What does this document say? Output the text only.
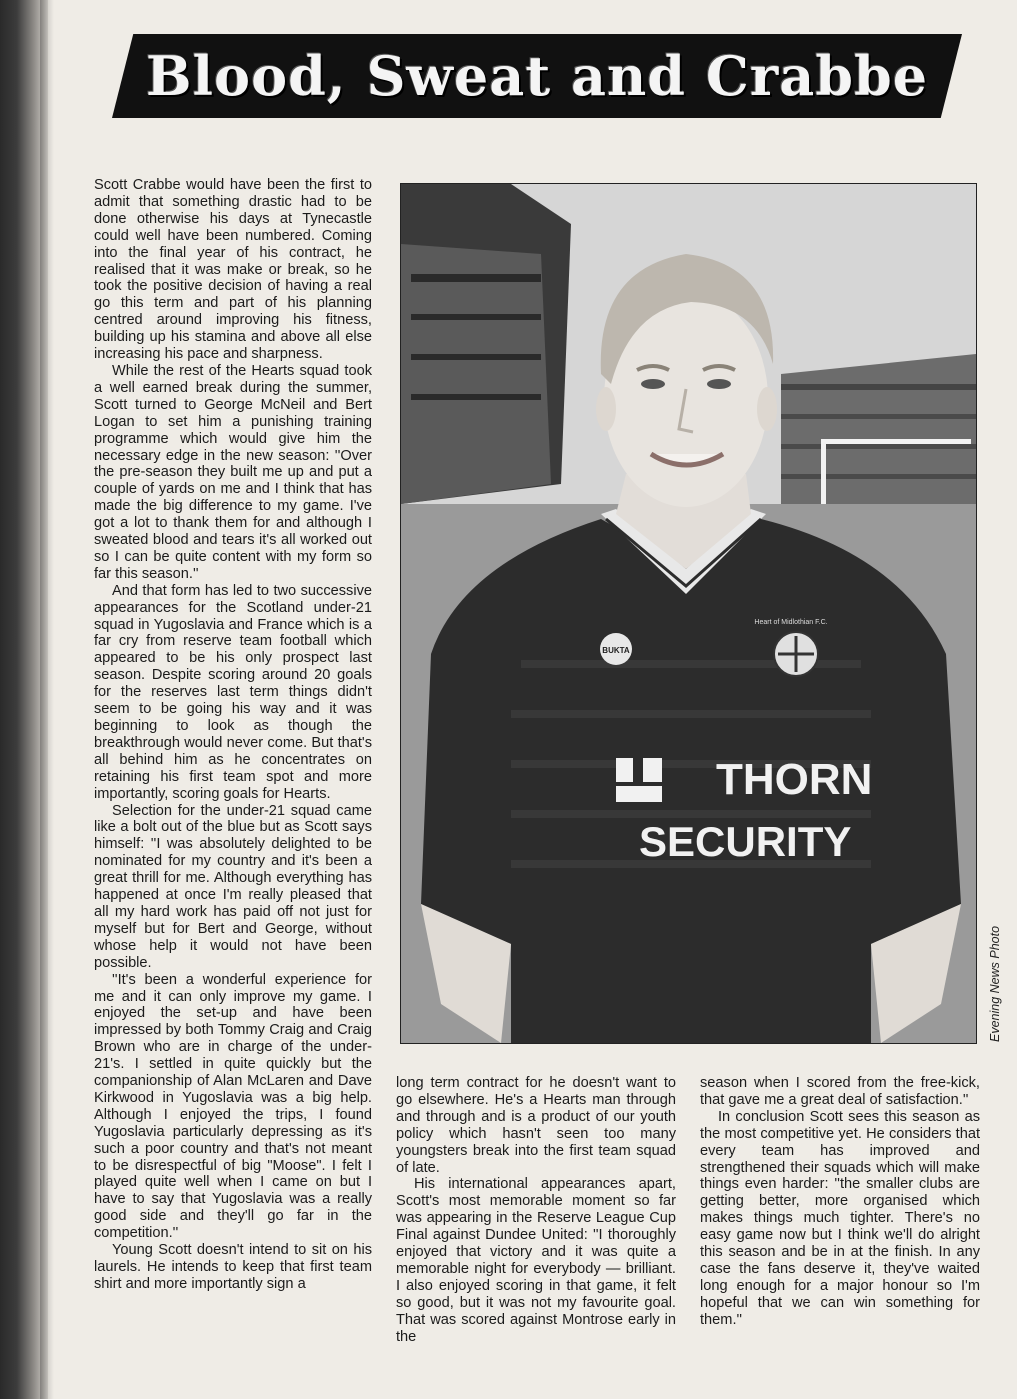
Blood, Sweat and Crabbe

Scott Crabbe would have been the first to admit that something drastic had to be done otherwise his days at Tynecastle could well have been numbered. Coming into the final year of his contract, he realised that it was make or break, so he took the positive decision of having a real go this term and part of his planning centred around improving his fitness, building up his stamina and above all else increasing his pace and sharpness.

While the rest of the Hearts squad took a well earned break during the summer, Scott turned to George McNeil and Bert Logan to set him a punishing training programme which would give him the necessary edge in the new season: ''Over the pre-season they built me up and put a couple of yards on me and I think that has made the big difference to my game. I've got a lot to thank them for and although I sweated blood and tears it's all worked out so I can be quite content with my form so far this season.''

And that form has led to two successive appearances for the Scotland under-21 squad in Yugoslavia and France which is a far cry from reserve team football which appeared to be his only prospect last season. Despite scoring around 20 goals for the reserves last term things didn't seem to be going his way and it was beginning to look as though the breakthrough would never come. But that's all behind him as he concentrates on retaining his first team spot and more importantly, scoring goals for Hearts.

Selection for the under-21 squad came like a bolt out of the blue but as Scott says himself: ''I was absolutely delighted to be nominated for my country and it's been a great thrill for me. Although everything has happened at once I'm really pleased that all my hard work has paid off not just for myself but for Bert and George, without whose help it would not have been possible.

''It's been a wonderful experience for me and it can only improve my game. I enjoyed the set-up and have been impressed by both Tommy Craig and Craig Brown who are in charge of the under-21's. I settled in quite quickly but the companionship of Alan McLaren and Dave Kirkwood in Yugoslavia was a big help. Although I enjoyed the trips, I found Yugoslavia particularly depressing as it's such a poor country and that's not meant to be disrespectful of big "Moose". I felt I played quite well when I came on but I have to say that Yugoslavia was a really good side and they'll go far in the competition.''

Young Scott doesn't intend to sit on his laurels. He intends to keep that first team shirt and more importantly sign a

BUKTA
Heart of Midlothian F.C.
THORN
SECURITY
Evening News Photo

long term contract for he doesn't want to go elsewhere. He's a Hearts man through and through and is a product of our youth policy which hasn't seen too many youngsters break into the first team squad of late.

His international appearances apart, Scott's most memorable moment so far was appearing in the Reserve League Cup Final against Dundee United: ''I thoroughly enjoyed that victory and it was quite a memorable night for everybody — brilliant. I also enjoyed scoring in that game, it felt so good, but it was not my favourite goal. That was scored against Montrose early in the

season when I scored from the free-kick, that gave me a great deal of satisfaction.''

In conclusion Scott sees this season as the most competitive yet. He considers that every team has improved and strengthened their squads which will make things even harder: ''the smaller clubs are getting better, more organised which makes things much tighter. There's no easy game now but I think we'll do alright this season and be in at the finish. In any case the fans deserve it, they've waited long enough for a major honour so I'm hopeful that we can win something for them.''
